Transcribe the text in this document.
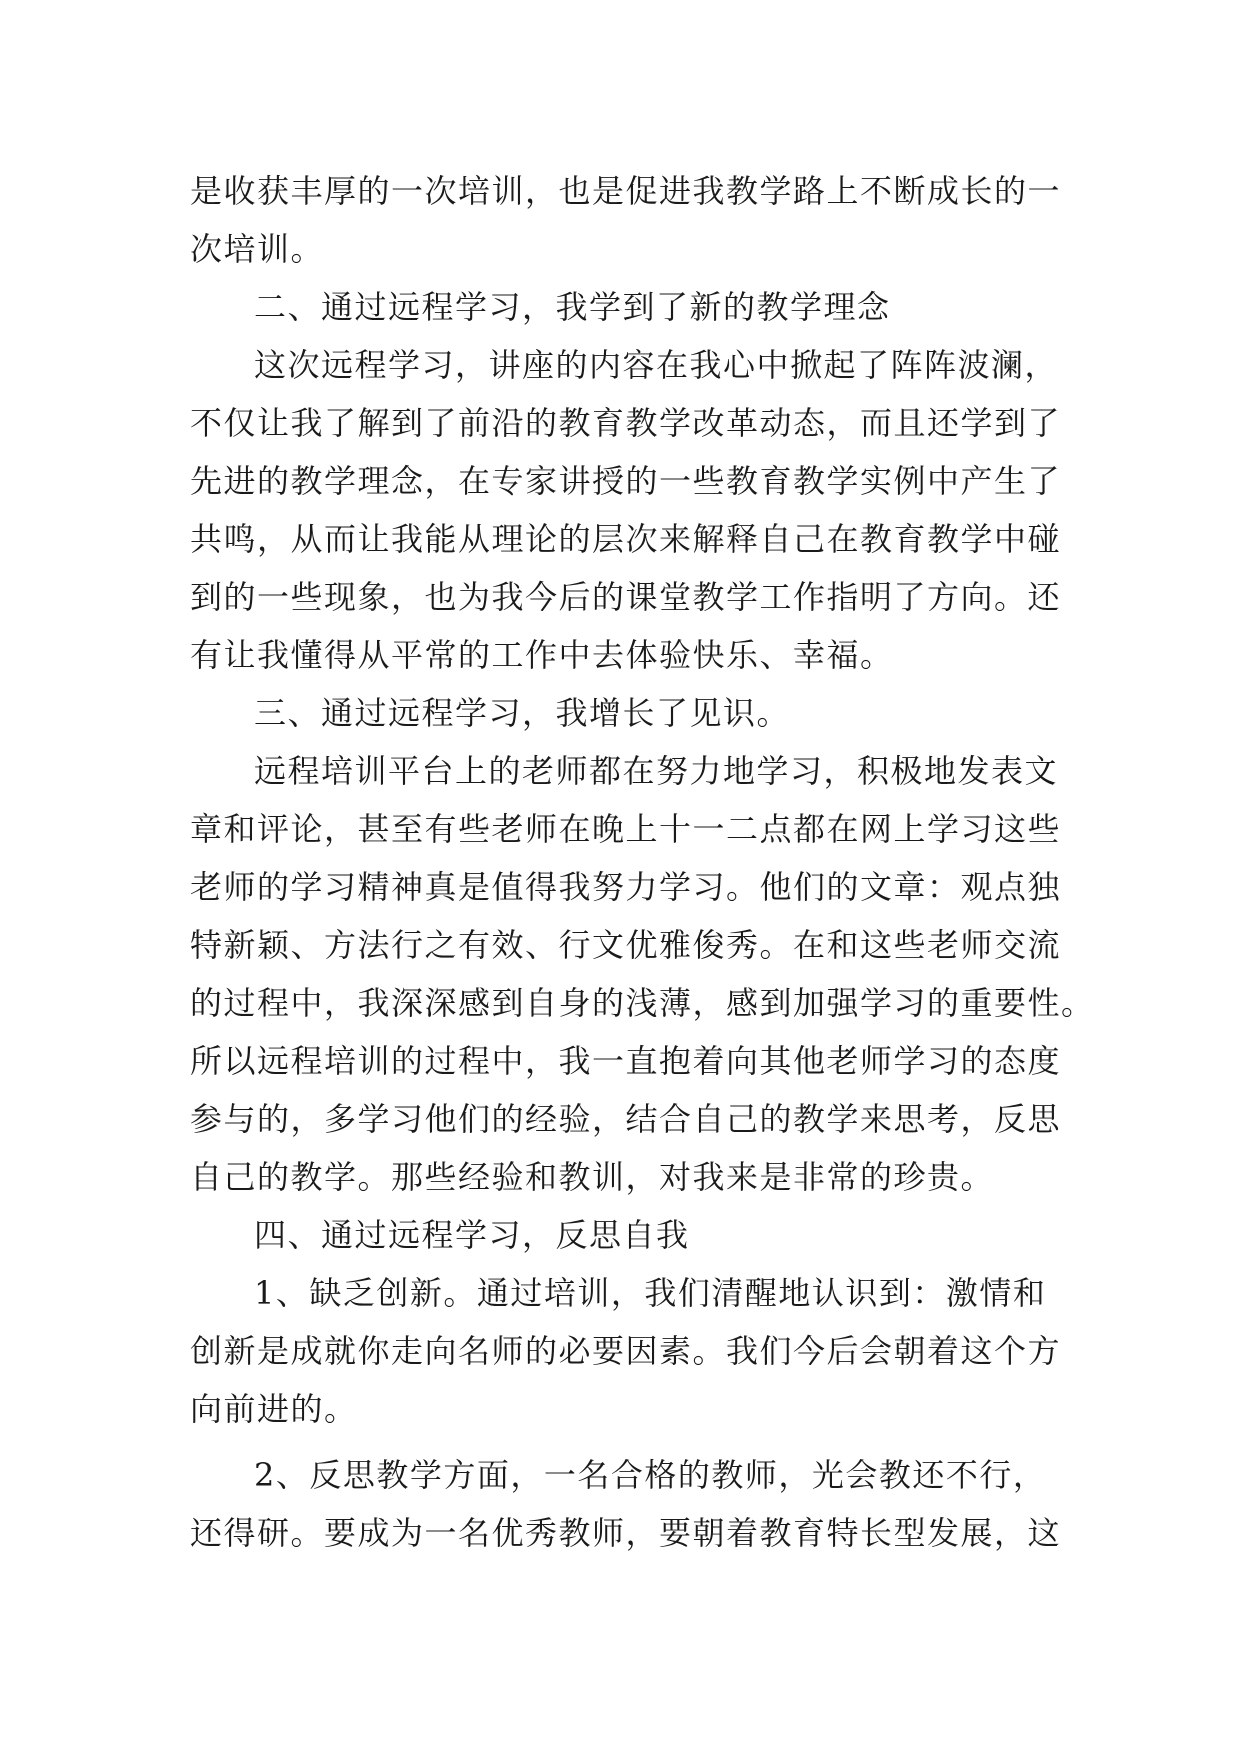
是收获丰厚的一次培训，也是促进我教学路上不断成长的一
次培训。
二、通过远程学习，我学到了新的教学理念
这次远程学习，讲座的内容在我心中掀起了阵阵波澜，
不仅让我了解到了前沿的教育教学改革动态，而且还学到了
先进的教学理念，在专家讲授的一些教育教学实例中产生了
共鸣，从而让我能从理论的层次来解释自己在教育教学中碰
到的一些现象，也为我今后的课堂教学工作指明了方向。还
有让我懂得从平常的工作中去体验快乐、幸福。
三、通过远程学习，我增长了见识。
远程培训平台上的老师都在努力地学习，积极地发表文
章和评论，甚至有些老师在晚上十一二点都在网上学习这些
老师的学习精神真是值得我努力学习。他们的文章：观点独
特新颖、方法行之有效、行文优雅俊秀。在和这些老师交流
的过程中，我深深感到自身的浅薄，感到加强学习的重要性。
所以远程培训的过程中，我一直抱着向其他老师学习的态度
参与的，多学习他们的经验，结合自己的教学来思考，反思
自己的教学。那些经验和教训，对我来是非常的珍贵。
四、通过远程学习，反思自我
1、缺乏创新。通过培训，我们清醒地认识到：激情和
创新是成就你走向名师的必要因素。我们今后会朝着这个方
向前进的。
2、反思教学方面，一名合格的教师，光会教还不行，
还得研。要成为一名优秀教师，要朝着教育特长型发展，这
